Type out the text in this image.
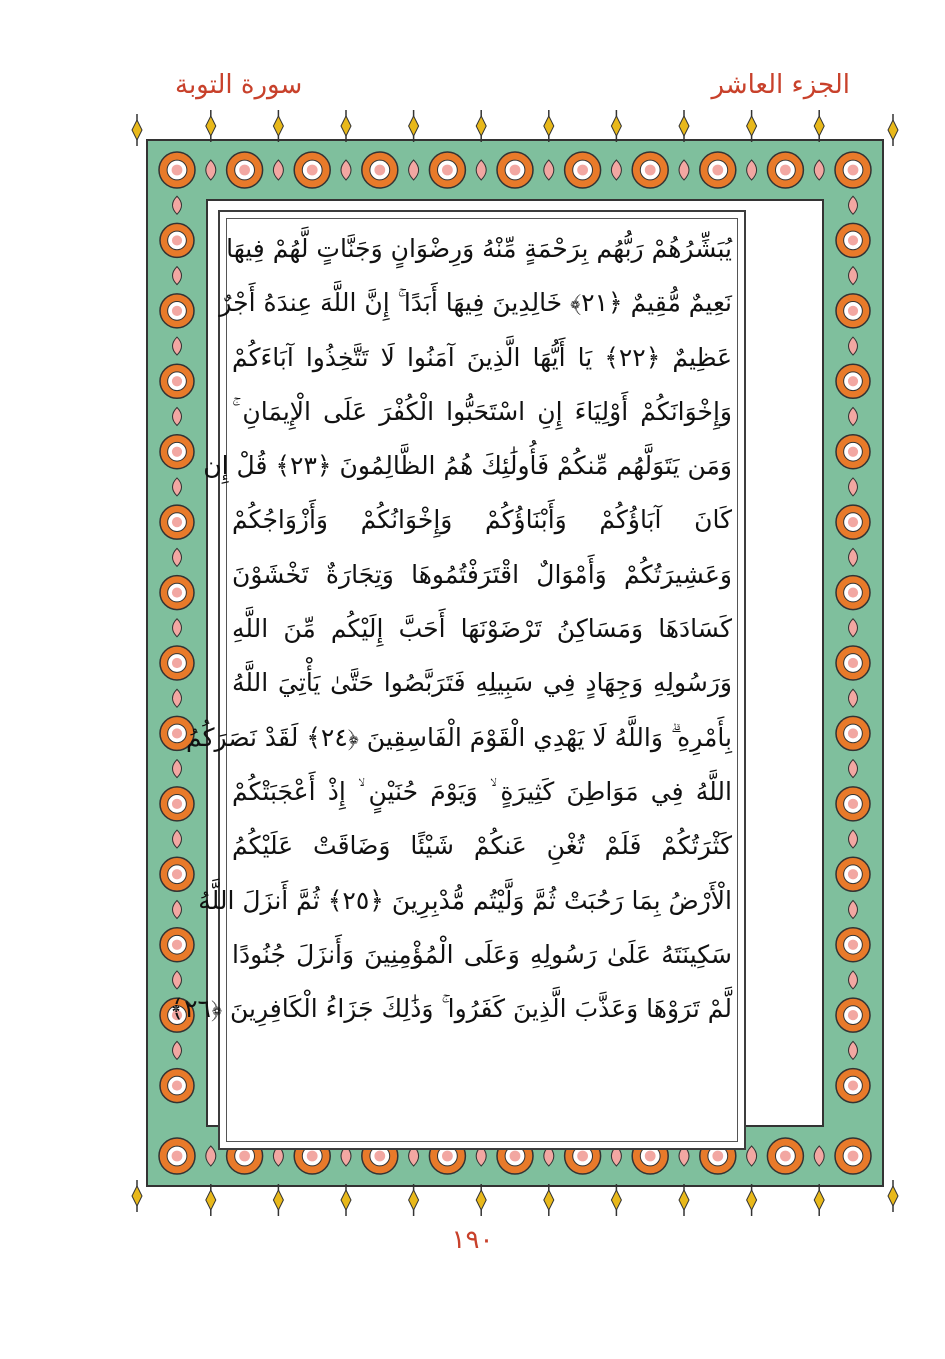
سورة التوبة	الجزء العاشر
يُبَشِّرُهُمْ رَبُّهُم بِرَحْمَةٍ مِّنْهُ وَرِضْوَانٍ وَجَنَّاتٍ لَّهُمْ فِيهَا
نَعِيمٌ مُّقِيمٌ ﴿٢١﴾ خَالِدِينَ فِيهَا أَبَدًا ۚ إِنَّ اللَّهَ عِندَهُ أَجْرٌ
عَظِيمٌ ﴿٢٢﴾ يَا أَيُّهَا الَّذِينَ آمَنُوا لَا تَتَّخِذُوا آبَاءَكُمْ
وَإِخْوَانَكُمْ أَوْلِيَاءَ إِنِ اسْتَحَبُّوا الْكُفْرَ عَلَى الْإِيمَانِ ۚ
وَمَن يَتَوَلَّهُم مِّنكُمْ فَأُولَٰئِكَ هُمُ الظَّالِمُونَ ﴿٢٣﴾ قُلْ إِن
كَانَ آبَاؤُكُمْ وَأَبْنَاؤُكُمْ وَإِخْوَانُكُمْ وَأَزْوَاجُكُمْ
وَعَشِيرَتُكُمْ وَأَمْوَالٌ اقْتَرَفْتُمُوهَا وَتِجَارَةٌ تَخْشَوْنَ
كَسَادَهَا وَمَسَاكِنُ تَرْضَوْنَهَا أَحَبَّ إِلَيْكُم مِّنَ اللَّهِ
وَرَسُولِهِ وَجِهَادٍ فِي سَبِيلِهِ فَتَرَبَّصُوا حَتَّىٰ يَأْتِيَ اللَّهُ
بِأَمْرِهِ ۗ وَاللَّهُ لَا يَهْدِي الْقَوْمَ الْفَاسِقِينَ ﴿٢٤﴾ لَقَدْ نَصَرَكُمُ
اللَّهُ فِي مَوَاطِنَ كَثِيرَةٍ ۙ وَيَوْمَ حُنَيْنٍ ۙ إِذْ أَعْجَبَتْكُمْ
كَثْرَتُكُمْ فَلَمْ تُغْنِ عَنكُمْ شَيْئًا وَضَاقَتْ عَلَيْكُمُ
الْأَرْضُ بِمَا رَحُبَتْ ثُمَّ وَلَّيْتُم مُّدْبِرِينَ ﴿٢٥﴾ ثُمَّ أَنزَلَ اللَّهُ
سَكِينَتَهُ عَلَىٰ رَسُولِهِ وَعَلَى الْمُؤْمِنِينَ وَأَنزَلَ جُنُودًا
لَّمْ تَرَوْهَا وَعَذَّبَ الَّذِينَ كَفَرُوا ۚ وَذَٰلِكَ جَزَاءُ الْكَافِرِينَ ﴿٢٦﴾
١٩٠
